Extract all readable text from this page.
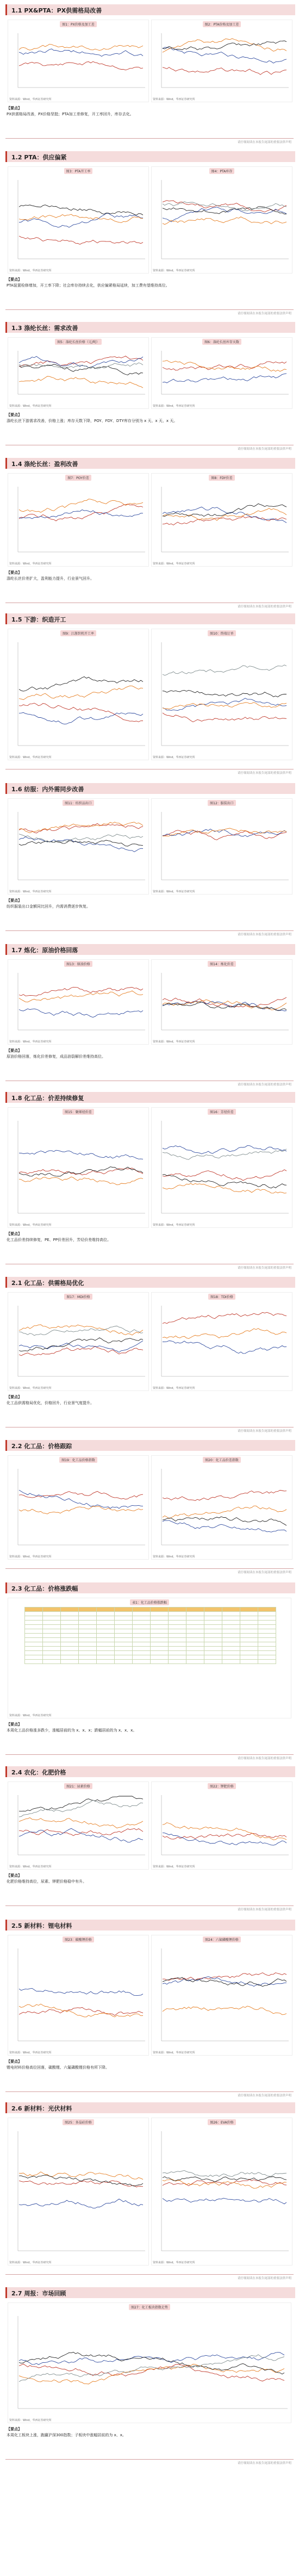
1.1 PX&PTA：PX供需格局改善
图1：PX价格及加工差
资料来源：Wind，华西证券研究所
图2：PTA价格及加工差
资料来源：Wind，华西证券研究所
【要点】
PX供需格局改善，PX价格坚挺；PTA加工差修复，开工率回升，库存去化。
请仔细阅读在本报告尾部的重要法律声明
1.2 PTA：供应偏紧
图3：PTA开工率
资料来源：Wind，华西证券研究所
图4：PTA库存
资料来源：Wind，华西证券研究所
【要点】
PTA装置检修增加，开工率下降；社会库存持续去化，供应偏紧格局延续，加工费有望维持高位。
请仔细阅读在本报告尾部的重要法律声明
1.3 涤纶长丝：需求改善
图5：涤纶长丝价格（元/吨）
资料来源：Wind，华西证券研究所
图6：涤纶长丝库存天数
资料来源：Wind，华西证券研究所
【要点】
涤纶长丝下游需求改善，价格上涨；库存天数下降，POY、FDY、DTY库存分别为 x 天、x 天、x 天。
请仔细阅读在本报告尾部的重要法律声明
1.4 涤纶长丝：盈利改善
图7：POY价差
资料来源：Wind，华西证券研究所
图8：FDY价差
资料来源：Wind，华西证券研究所
【要点】
涤纶长丝价差扩大，盈利能力提升，行业景气回升。
请仔细阅读在本报告尾部的重要法律声明
1.5 下游：织造开工
图9：江浙织机开工率
资料来源：Wind，华西证券研究所
图10：终端订单
资料来源：Wind，华西证券研究所
请仔细阅读在本报告尾部的重要法律声明
1.6 纺服：内外需同步改善
图11：纺织品出口
资料来源：Wind，华西证券研究所
图12：服装出口
资料来源：Wind，华西证券研究所
【要点】
纺织服装出口金额同比回升，内需消费逐步恢复。
请仔细阅读在本报告尾部的重要法律声明
1.7 炼化：原油价格回落
图13：原油价格
资料来源：Wind，华西证券研究所
图14：炼化价差
资料来源：Wind，华西证券研究所
【要点】
原油价格回落，炼化价差修复，成品油裂解价差维持高位。
请仔细阅读在本报告尾部的重要法律声明
1.8 化工品：价差持续修复
图15：聚烯烃价差
资料来源：Wind，华西证券研究所
图16：芳烃价差
资料来源：Wind，华西证券研究所
【要点】
化工品价差持续修复，PE、PP价差回升，芳烃价差维持高位。
请仔细阅读在本报告尾部的重要法律声明
2.1 化工品：供需格局优化
图17：MDI价格
资料来源：Wind，华西证券研究所
图18：TDI价格
资料来源：Wind，华西证券研究所
【要点】
化工品供需格局优化，价格回升，行业景气度提升。
请仔细阅读在本报告尾部的重要法律声明
2.2 化工品：价格跟踪
图19：化工品价格指数
资料来源：Wind，华西证券研究所
图20：化工品价差指数
资料来源：Wind，华西证券研究所
请仔细阅读在本报告尾部的重要法律声明
2.3 化工品：价格涨跌幅
表1：化工品价格涨跌幅

资料来源：Wind，华西证券研究所
【要点】
本周化工品价格涨多跌少，涨幅居前的为 x、x、x；跌幅居前的为 x、x、x。
请仔细阅读在本报告尾部的重要法律声明
2.4 农化：化肥价格
图21：尿素价格
资料来源：Wind，华西证券研究所
图22：钾肥价格
资料来源：Wind，华西证券研究所
【要点】
化肥价格维持高位，尿素、钾肥价格稳中有升。
请仔细阅读在本报告尾部的重要法律声明
2.5 新材料：锂电材料
图23：碳酸锂价格
资料来源：Wind，华西证券研究所
图24：六氟磷酸锂价格
资料来源：Wind，华西证券研究所
【要点】
锂电材料价格高位回落，碳酸锂、六氟磷酸锂价格有所下降。
请仔细阅读在本报告尾部的重要法律声明
2.6 新材料：光伏材料
图25：多晶硅价格
资料来源：Wind，华西证券研究所
图26：EVA价格
资料来源：Wind，华西证券研究所
请仔细阅读在本报告尾部的重要法律声明
2.7 周报：市场回顾
图27：化工板块指数走势
资料来源：Wind，华西证券研究所
【要点】
本周化工板块上涨，跑赢沪深300指数；子板块中涨幅居前的为 x、x。
请仔细阅读在本报告尾部的重要法律声明
